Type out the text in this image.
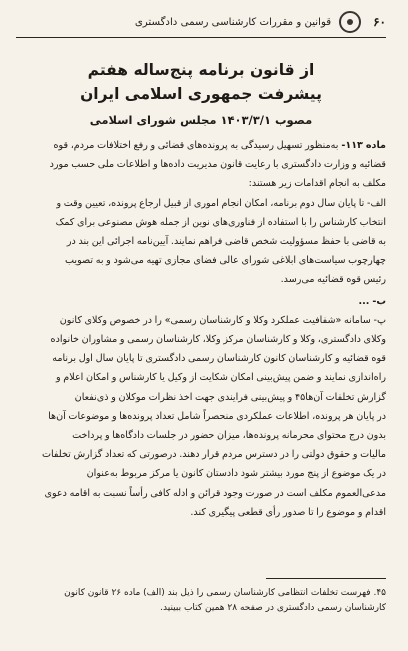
۶۰
قوانین و مقررات کارشناسی رسمی دادگستری
از قانون برنامه پنج‌ساله هفتم
پیشرفت جمهوری اسلامی ایران
مصوب ۱۴۰۳/۳/۱ مجلس شورای اسلامی
ماده ۱۱۳- به‌منظور تسهیل رسیدگی به پرونده‌های قضائی و رفع اختلافات مردم، قوه
قضائیه و وزارت دادگستری با رعایت قانون مدیریت داده‌ها و اطلاعات ملی حسب مورد
مکلف به انجام اقدامات زیر هستند:
الف- تا پایان سال دوم برنامه، امکان انجام اموری از قبیل ارجاع پرونده، تعیین وقت و
انتخاب کارشناس را با استفاده از فناوری‌های نوین از جمله هوش مصنوعی برای کمک
به قاضی با حفظ مسؤولیت شخص قاضی فراهم نمایند. آیین‌نامه اجرائی این بند در
چهارچوب سیاست‌های ابلاغی شورای عالی فضای مجازی تهیه می‌شود و به تصویب
رئیس قوه قضائیه می‌رسد.
ب- ...
پ- سامانه «شفافیت عملکرد وکلا و کارشناسان رسمی» را در خصوص وکلای کانون
وکلای دادگستری، وکلا و کارشناسان مرکز وکلا، کارشناسان رسمی و مشاوران خانواده
قوه قضائیه و کارشناسان کانون کارشناسان رسمی دادگستری تا پایان سال اول برنامه
راه‌اندازی نمایند و ضمن پیش‌بینی امکان شکایت از وکیل یا کارشناس و امکان اعلام و
گزارش تخلفات آن‌ها۴۵ و پیش‌بینی فرایندی جهت اخذ نظرات موکلان و ذی‌نفعان
در پایان هر پرونده، اطلاعات عملکردی منحصراً شامل تعداد پرونده‌ها و موضوعات آن‌ها
بدون درج محتوای محرمانه پرونده‌ها، میزان حضور در جلسات دادگاه‌ها و پرداخت
مالیات و حقوق دولتی را در دسترس مردم قرار دهند. درصورتی که تعداد گزارش تخلفات
در یک موضوع از پنج مورد بیشتر شود دادستان کانون یا مرکز مربوط به‌عنوان
مدعی‌العموم مکلف است در صورت وجود قرائن و ادله کافی رأساً نسبت به اقامه دعوی
اقدام و موضوع را تا صدور رأی قطعی پیگیری کند.
۴۵. فهرست تخلفات انتظامی کارشناسان رسمی را ذیل بند (الف) ماده ۲۶ قانون کانون
کارشناسان رسمی دادگستری در صفحه ۲۸ همین کتاب ببینید.
